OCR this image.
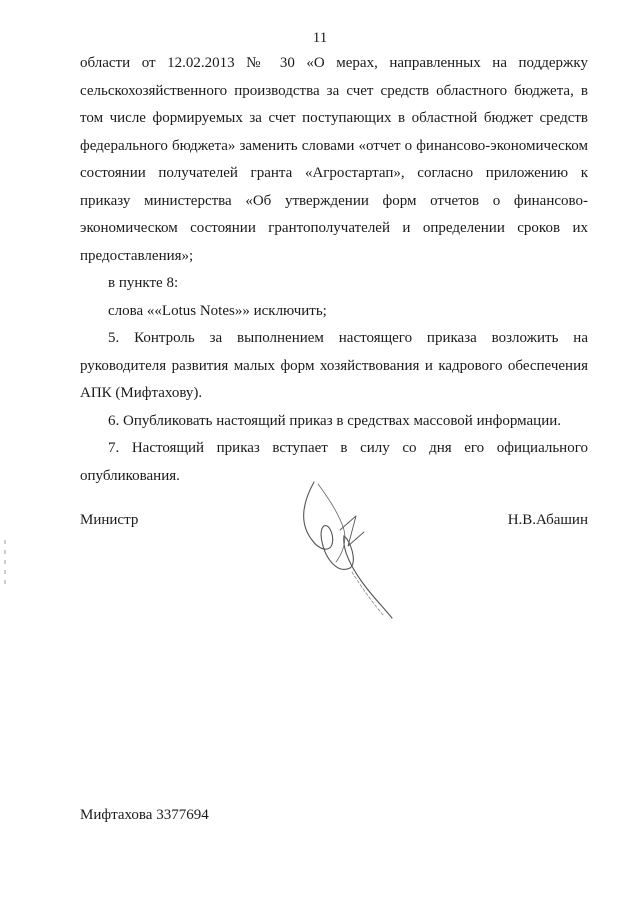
11

области от 12.02.2013 № 30 «О мерах, направленных на поддержку сельскохозяйственного производства за счет средств областного бюджета, в том числе формируемых за счет поступающих в областной бюджет средств федерального бюджета» заменить словами «отчет о финансово-экономическом состоянии получателей гранта «Агростартап», согласно приложению к приказу министерства «Об утверждении форм отчетов о финансово-экономическом состоянии грантополучателей и определении сроков их предоставления»;

в пункте 8:

слова ««Lotus Notes»» исключить;

5. Контроль за выполнением настоящего приказа возложить на руководителя развития малых форм хозяйствования и кадрового обеспечения АПК (Мифтахову).

6. Опубликовать настоящий приказ в средствах массовой информации.

7. Настоящий приказ вступает в силу со дня его официального опубликования.

Министр	Н.В.Абашин
Мифтахова 3377694
